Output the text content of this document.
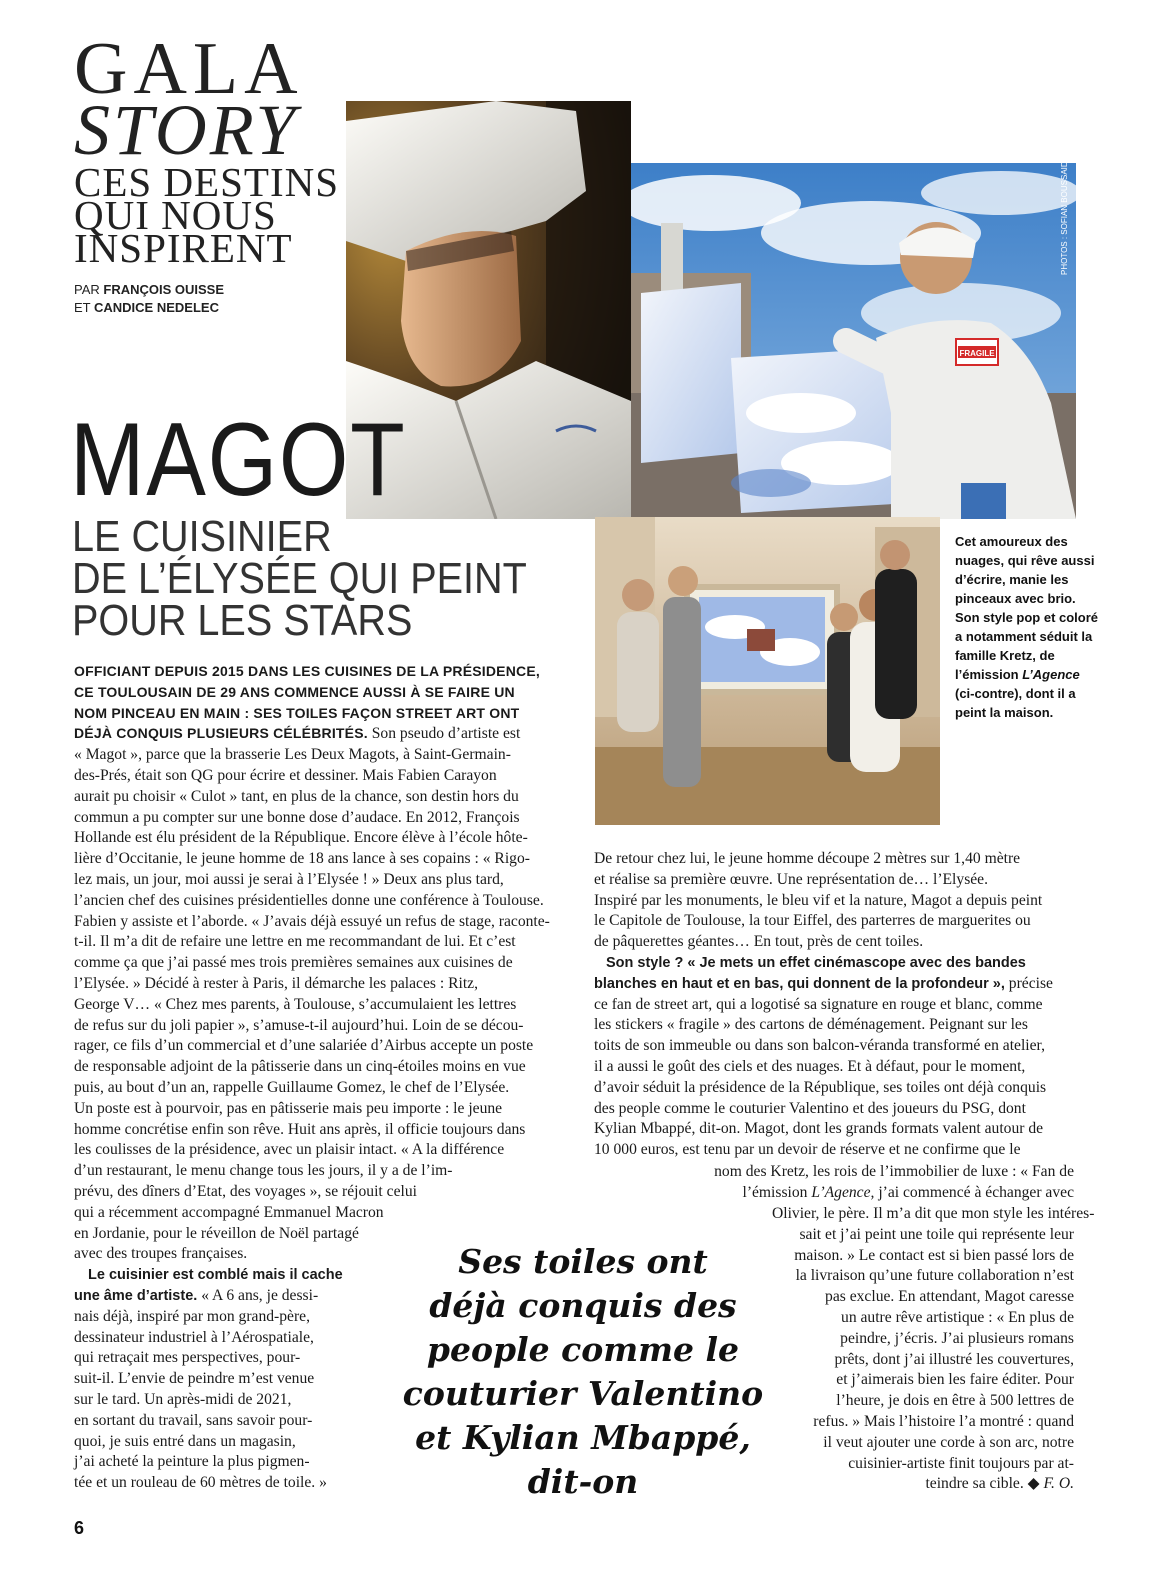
GALA
STORY
CES DESTINS
QUI NOUS
INSPIRENT
PAR FRANÇOIS OUISSE
ET CANDICE NEDELEC
FRAGILE
PHOTOS : SOFIAN BOUSSAID
Cet amoureux des nuages, qui rêve aussi d’écrire, manie les pinceaux avec brio. Son style pop et coloré a notamment séduit la famille Kretz, de l’émission L’Agence (ci-contre), dont il a peint la maison.
MAGOT
LE CUISINIER
DE L’ÉLYSÉE QUI PEINT
POUR LES STARS
OFFICIANT DEPUIS 2015 DANS LES CUISINES DE LA PRÉSIDENCE,
CE TOULOUSAIN DE 29 ANS COMMENCE AUSSI À SE FAIRE UN
NOM PINCEAU EN MAIN : SES TOILES FAÇON STREET ART ONT
DÉJÀ CONQUIS PLUSIEURS CÉLÉBRITÉS. Son pseudo d’artiste est
« Magot », parce que la brasserie Les Deux Magots, à Saint-Germain-
des-Prés, était son QG pour écrire et dessiner. Mais Fabien Carayon
aurait pu choisir « Culot » tant, en plus de la chance, son destin hors du
commun a pu compter sur une bonne dose d’audace. En 2012, François
Hollande est élu président de la République. Encore élève à l’école hôte-
lière d’Occitanie, le jeune homme de 18 ans lance à ses copains : « Rigo-
lez mais, un jour, moi aussi je serai à l’Elysée ! » Deux ans plus tard,
l’ancien chef des cuisines présidentielles donne une conférence à Toulouse.
Fabien y assiste et l’aborde. « J’avais déjà essuyé un refus de stage, raconte-
t-il. Il m’a dit de refaire une lettre en me recommandant de lui. Et c’est
comme ça que j’ai passé mes trois premières semaines aux cuisines de
l’Elysée. » Décidé à rester à Paris, il démarche les palaces : Ritz,
George V… « Chez mes parents, à Toulouse, s’accumulaient les lettres
de refus sur du joli papier », s’amuse-t-il aujourd’hui. Loin de se décou-
rager, ce fils d’un commercial et d’une salariée d’Airbus accepte un poste
de responsable adjoint de la pâtisserie dans un cinq-étoiles moins en vue
puis, au bout d’un an, rappelle Guillaume Gomez, le chef de l’Elysée.
Un poste est à pourvoir, pas en pâtisserie mais peu importe : le jeune
homme concrétise enfin son rêve. Huit ans après, il officie toujours dans
les coulisses de la présidence, avec un plaisir intact. « A la différence
d’un restaurant, le menu change tous les jours, il y a de l’im-
prévu, des dîners d’Etat, des voyages », se réjouit celui
qui a récemment accompagné Emmanuel Macron
en Jordanie, pour le réveillon de Noël partagé
avec des troupes françaises.
Le cuisinier est comblé mais il cache
une âme d’artiste. « A 6 ans, je dessi-
nais déjà, inspiré par mon grand-père,
dessinateur industriel à l’Aérospatiale,
qui retraçait mes perspectives, pour-
suit-il. L’envie de peindre m’est venue
sur le tard. Un après-midi de 2021,
en sortant du travail, sans savoir pour-
quoi, je suis entré dans un magasin,
j’ai acheté la peinture la plus pigmen-
tée et un rouleau de 60 mètres de toile. »
De retour chez lui, le jeune homme découpe 2 mètres sur 1,40 mètre
et réalise sa première œuvre. Une représentation de… l’Elysée.
Inspiré par les monuments, le bleu vif et la nature, Magot a depuis peint
le Capitole de Toulouse, la tour Eiffel, des parterres de marguerites ou
de pâquerettes géantes… En tout, près de cent toiles.
Son style ? « Je mets un effet cinémascope avec des bandes
blanches en haut et en bas, qui donnent de la profondeur », précise
ce fan de street art, qui a logotisé sa signature en rouge et blanc, comme
les stickers « fragile » des cartons de déménagement. Peignant sur les
toits de son immeuble ou dans son balcon-véranda transformé en atelier,
il a aussi le goût des ciels et des nuages. Et à défaut, pour le moment,
d’avoir séduit la présidence de la République, ses toiles ont déjà conquis
des people comme le couturier Valentino et des joueurs du PSG, dont
Kylian Mbappé, dit-on. Magot, dont les grands formats valent autour de
10 000 euros, est tenu par un devoir de réserve et ne confirme que le
nom des Kretz, les rois de l’immobilier de luxe : « Fan de
l’émission L’Agence, j’ai commencé à échanger avec
Olivier, le père. Il m’a dit que mon style les intéres-
sait et j’ai peint une toile qui représente leur
maison. » Le contact est si bien passé lors de
la livraison qu’une future collaboration n’est
pas exclue. En attendant, Magot caresse
un autre rêve artistique : « En plus de
peindre, j’écris. J’ai plusieurs romans
prêts, dont j’ai illustré les couvertures,
et j’aimerais bien les faire éditer. Pour
l’heure, je dois en être à 500 lettres de
refus. » Mais l’histoire l’a montré : quand
il veut ajouter une corde à son arc, notre
cuisinier-artiste finit toujours par at-
teindre sa cible. ◆ F. O.
Ses toiles ont
déjà conquis des
people comme le
couturier Valentino
et Kylian Mbappé,
dit-on
6
